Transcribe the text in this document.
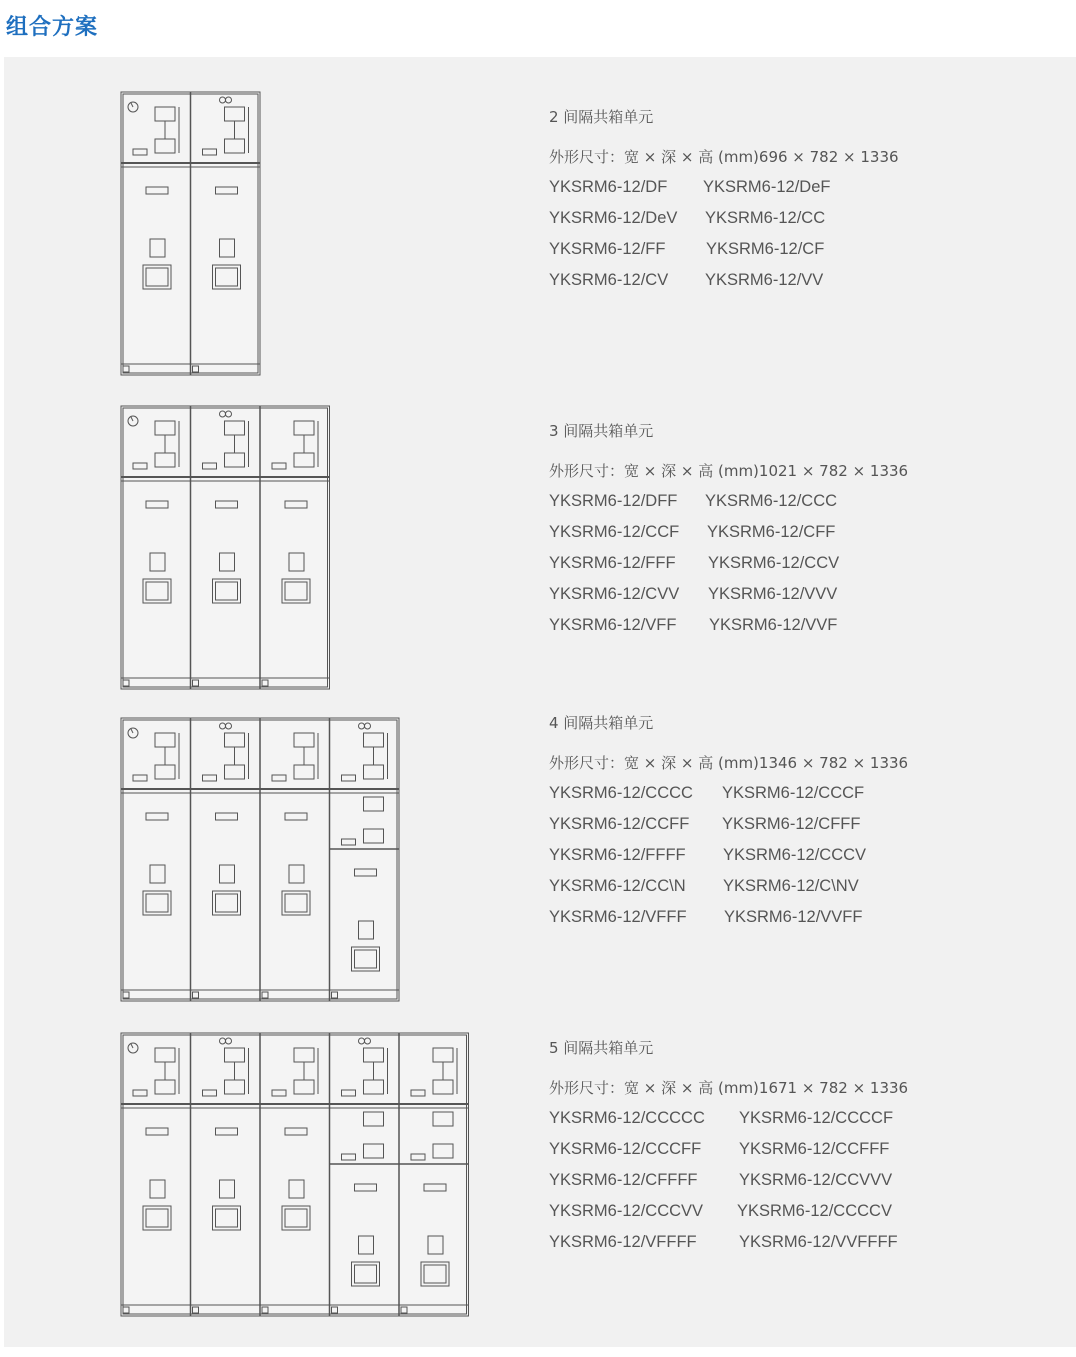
组合方案
2 间隔共箱单元
外形尺寸：宽 × 深 × 高 (mm)696 × 782 × 1336
YKSRM6-12/DF	YKSRM6-12/DeF
YKSRM6-12/DeV	YKSRM6-12/CC
YKSRM6-12/FF	YKSRM6-12/CF
YKSRM6-12/CV	YKSRM6-12/VV
3 间隔共箱单元
外形尺寸：宽 × 深 × 高 (mm)1021 × 782 × 1336
YKSRM6-12/DFF	YKSRM6-12/CCC
YKSRM6-12/CCF	YKSRM6-12/CFF
YKSRM6-12/FFF	YKSRM6-12/CCV
YKSRM6-12/CVV	YKSRM6-12/VVV
YKSRM6-12/VFF	YKSRM6-12/VVF
4 间隔共箱单元
外形尺寸：宽 × 深 × 高 (mm)1346 × 782 × 1336
YKSRM6-12/CCCC	YKSRM6-12/CCCF
YKSRM6-12/CCFF	YKSRM6-12/CFFF
YKSRM6-12/FFFF	YKSRM6-12/CCCV
YKSRM6-12/CC\N	YKSRM6-12/C\NV
YKSRM6-12/VFFF	YKSRM6-12/VVFF
5 间隔共箱单元
外形尺寸：宽 × 深 × 高 (mm)1671 × 782 × 1336
YKSRM6-12/CCCCC	YKSRM6-12/CCCCF
YKSRM6-12/CCCFF	YKSRM6-12/CCFFF
YKSRM6-12/CFFFF	YKSRM6-12/CCVVV
YKSRM6-12/CCCVV	YKSRM6-12/CCCCV
YKSRM6-12/VFFFF	YKSRM6-12/VVFFFF
